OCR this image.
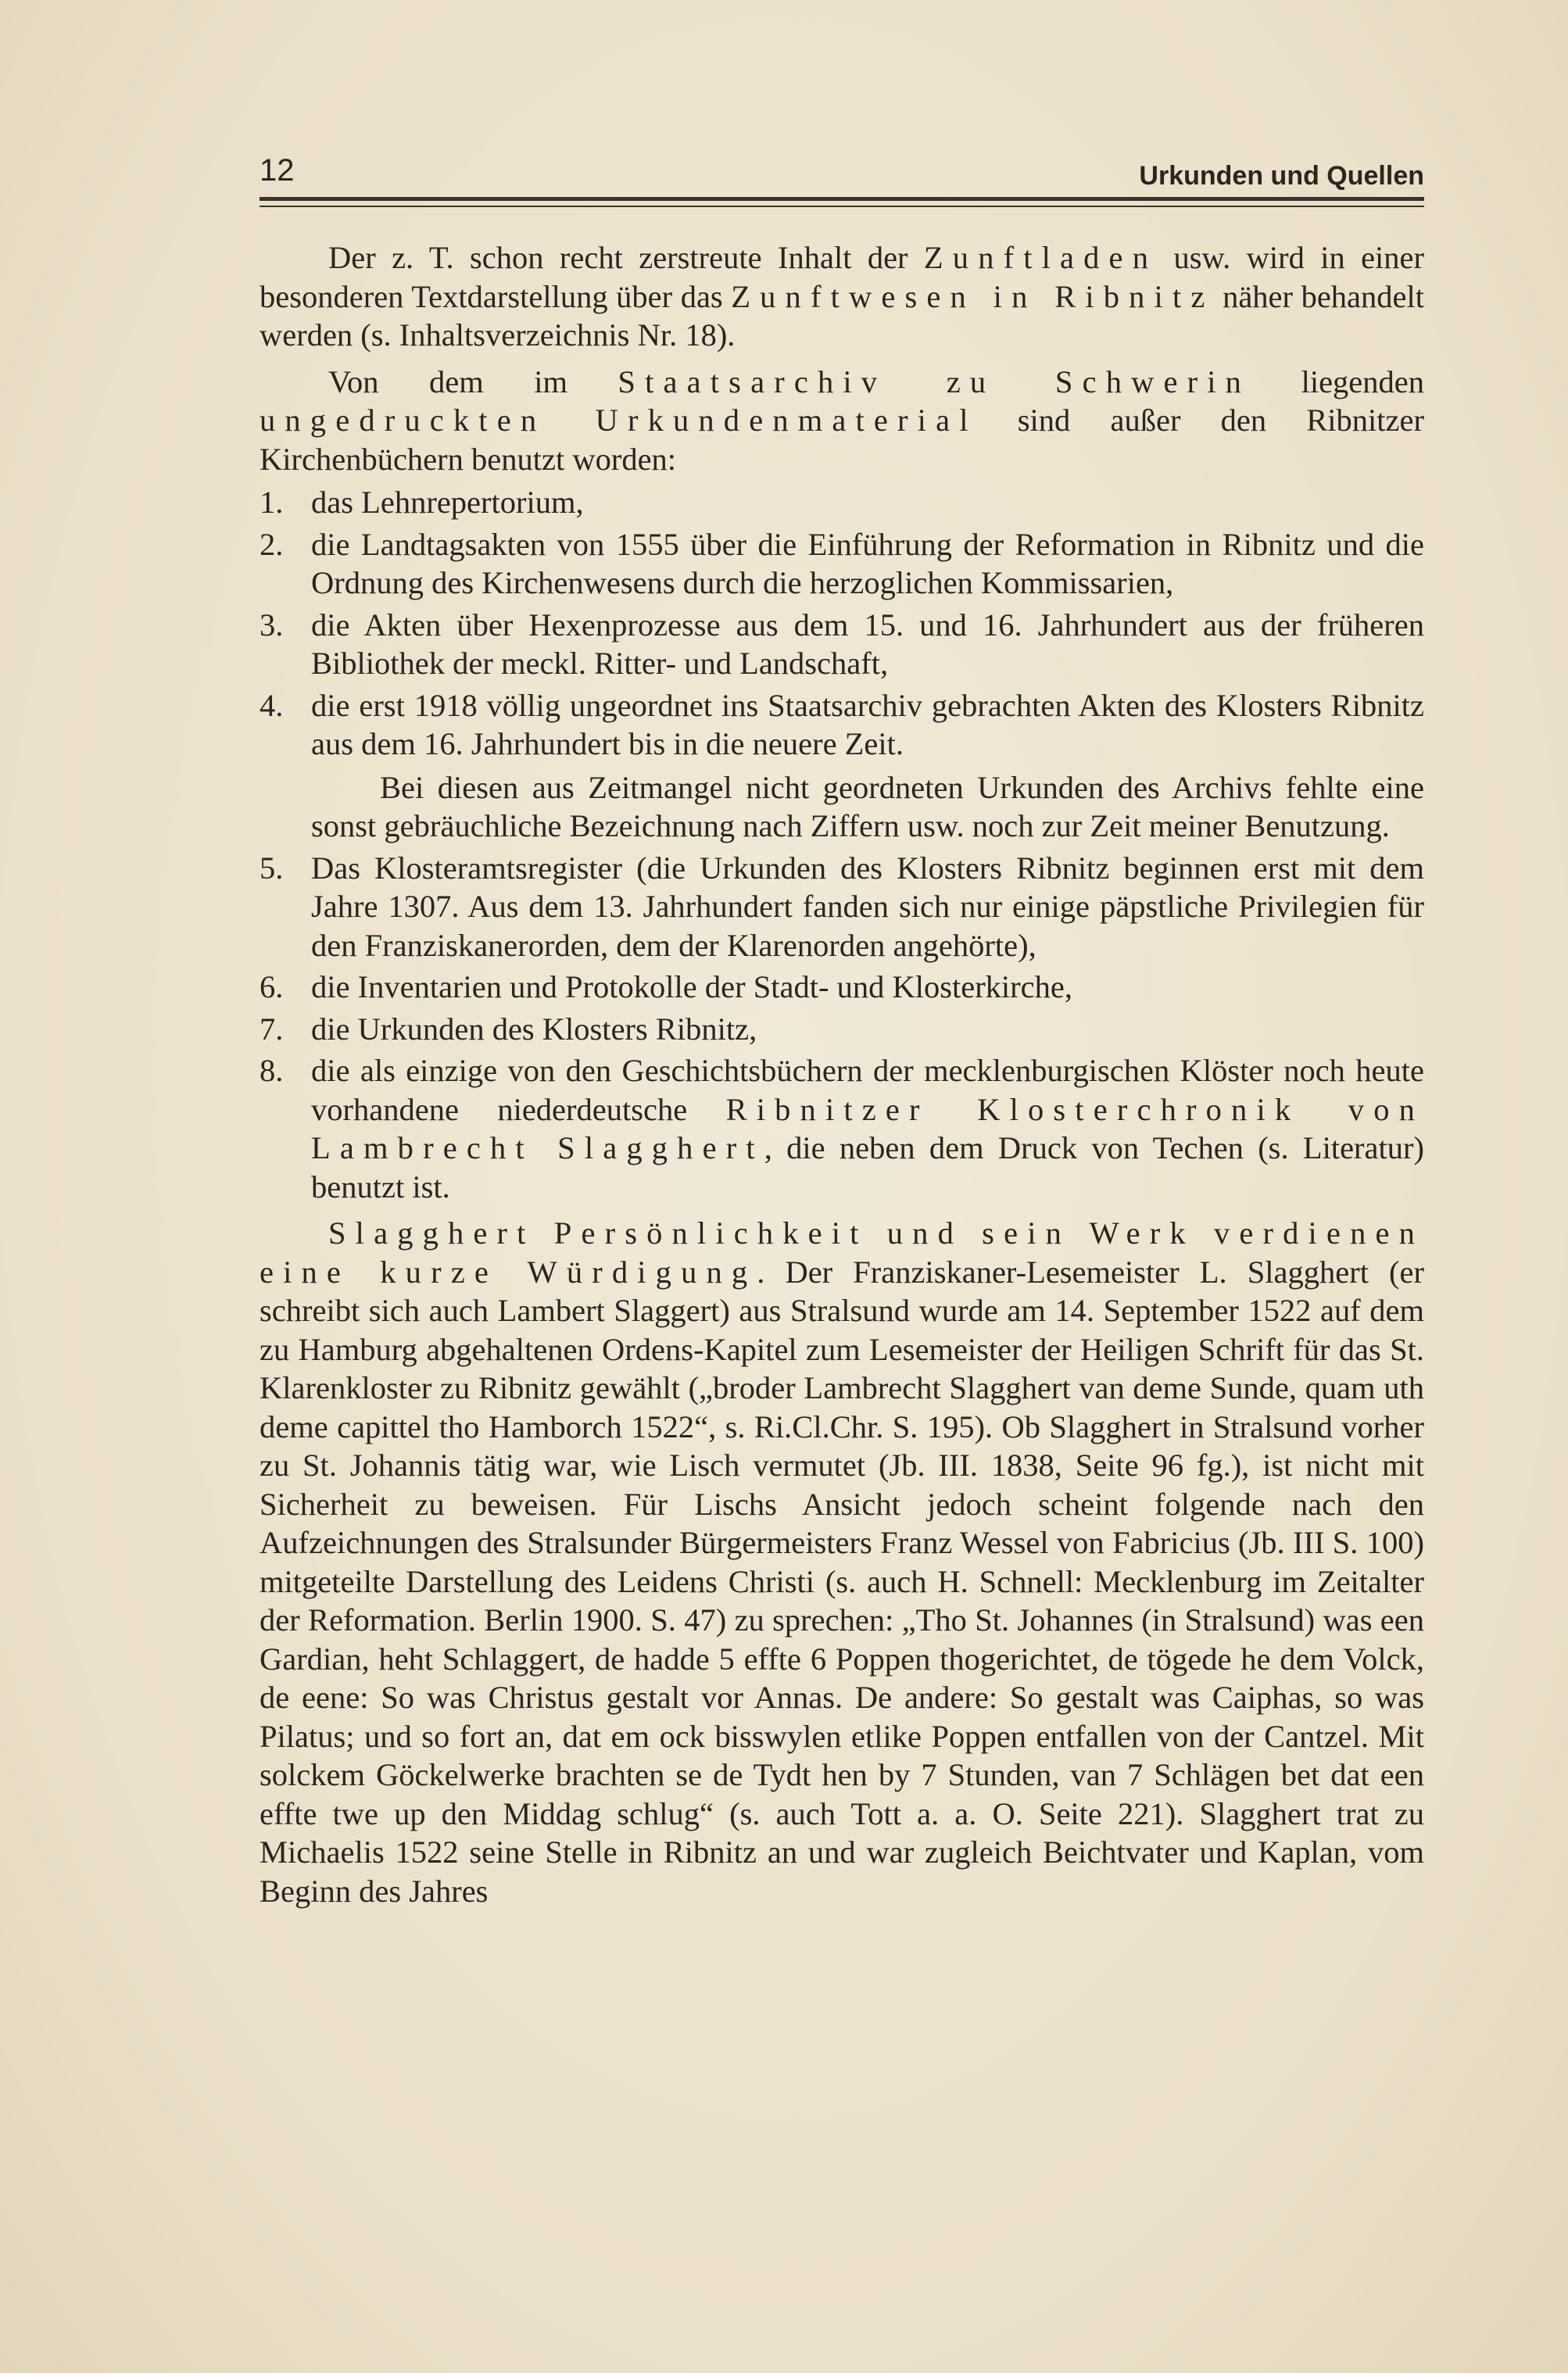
12	Urkunden und Quellen

Der z. T. schon recht zerstreute Inhalt der Zunftladen usw. wird in einer besonderen Textdarstellung über das Zunftwesen in Ribnitz näher behandelt werden (s. Inhaltsverzeichnis Nr. 18).

Von dem im Staatsarchiv zu Schwerin liegenden ungedruckten Urkundenmaterial sind außer den Ribnitzer Kirchenbüchern benutzt worden:

1. das Lehnrepertorium,
2. die Landtagsakten von 1555 über die Einführung der Reformation in Ribnitz und die Ordnung des Kirchenwesens durch die herzoglichen Kommissarien,
3. die Akten über Hexenprozesse aus dem 15. und 16. Jahrhundert aus der früheren Bibliothek der meckl. Ritter- und Landschaft,
4. die erst 1918 völlig ungeordnet ins Staatsarchiv gebrachten Akten des Klosters Ribnitz aus dem 16. Jahrhundert bis in die neuere Zeit.
Bei diesen aus Zeitmangel nicht geordneten Urkunden des Archivs fehlte eine sonst gebräuchliche Bezeichnung nach Ziffern usw. noch zur Zeit meiner Benutzung.
5. Das Klosteramtsregister (die Urkunden des Klosters Ribnitz beginnen erst mit dem Jahre 1307. Aus dem 13. Jahrhundert fanden sich nur einige päpstliche Privilegien für den Franziskanerorden, dem der Klarenorden angehörte),
6. die Inventarien und Protokolle der Stadt- und Klosterkirche,
7. die Urkunden des Klosters Ribnitz,
8. die als einzige von den Geschichtsbüchern der mecklenburgischen Klöster noch heute vorhandene niederdeutsche Ribnitzer Klosterchronik von Lambrecht Slagghert, die neben dem Druck von Techen (s. Literatur) benutzt ist.

Slagghert Persönlichkeit und sein Werk verdienen eine kurze Würdigung. Der Franziskaner-Lesemeister L. Slagghert (er schreibt sich auch Lambert Slaggert) aus Stralsund wurde am 14. September 1522 auf dem zu Hamburg abgehaltenen Ordens-Kapitel zum Lesemeister der Heiligen Schrift für das St. Klarenkloster zu Ribnitz gewählt („broder Lambrecht Slagghert van deme Sunde, quam uth deme capittel tho Hamborch 1522“, s. Ri.Cl.Chr. S. 195). Ob Slagghert in Stralsund vorher zu St. Johannis tätig war, wie Lisch vermutet (Jb. III. 1838, Seite 96 fg.), ist nicht mit Sicherheit zu beweisen. Für Lischs Ansicht jedoch scheint folgende nach den Aufzeichnungen des Stralsunder Bürgermeisters Franz Wessel von Fabricius (Jb. III S. 100) mitgeteilte Darstellung des Leidens Christi (s. auch H. Schnell: Mecklenburg im Zeitalter der Reformation. Berlin 1900. S. 47) zu sprechen: „Tho St. Johannes (in Stralsund) was een Gardian, heht Schlaggert, de hadde 5 effte 6 Poppen thogerichtet, de tögede he dem Volck, de eene: So was Christus gestalt vor Annas. De andere: So gestalt was Caiphas, so was Pilatus; und so fort an, dat em ock bisswylen etlike Poppen entfallen von der Cantzel. Mit solckem Göckelwerke brachten se de Tydt hen by 7 Stunden, van 7 Schlägen bet dat een effte twe up den Middag schlug“ (s. auch Tott a. a. O. Seite 221). Slagghert trat zu Michaelis 1522 seine Stelle in Ribnitz an und war zugleich Beichtvater und Kaplan, vom Beginn des Jahres
